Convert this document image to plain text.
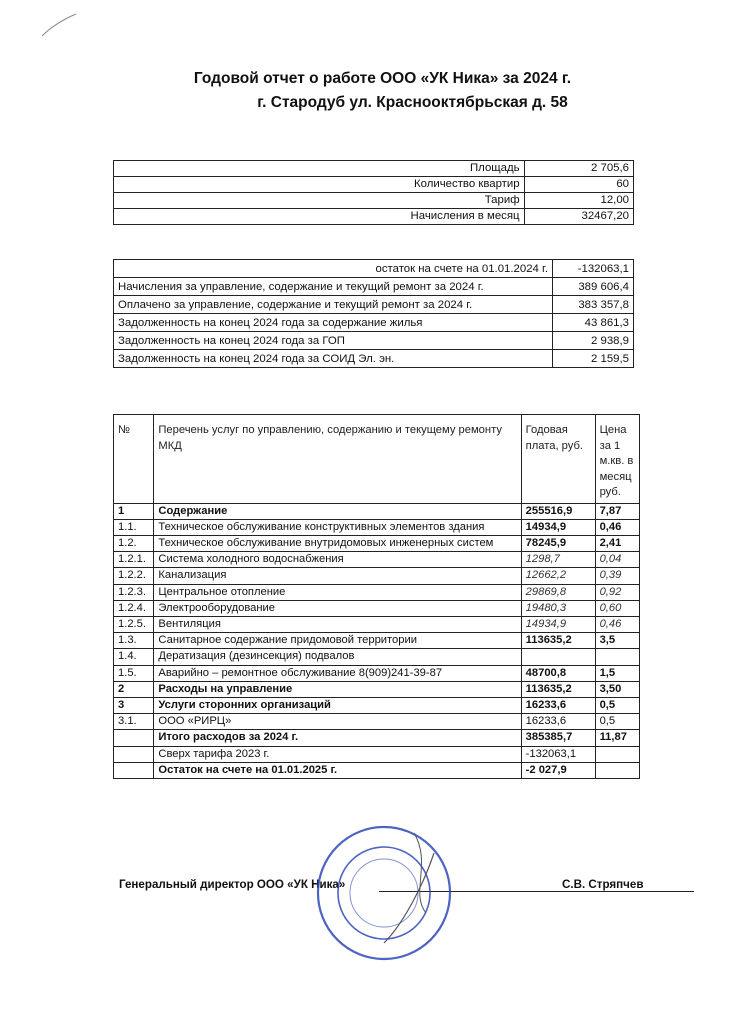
Годовой отчет о работе ООО «УК Ника» за 2024 г.
г. Стародуб ул. Краснооктябрьская д. 58
Площадь	2 705,6
Количество квартир	60
Тариф	12,00
Начисления в месяц	32467,20
остаток на счете на 01.01.2024 г.	-132063,1
Начисления за управление, содержание и текущий ремонт за 2024 г.	389 606,4
Оплачено за управление, содержание и текущий ремонт за 2024 г.	383 357,8
Задолженность на конец 2024 года за содержание жилья	43 861,3
Задолженность на конец 2024 года за ГОП	2 938,9
Задолженность на конец 2024 года за СОИД Эл. эн.	2 159,5
№	Перечень услуг по управлению, содержанию и текущему ремонту МКД	Годовая плата, руб.	Цена за 1 м.кв. в месяц руб.
1	Содержание	255516,9	7,87
1.1.	Техническое обслуживание конструктивных элементов здания	14934,9	0,46
1.2.	Техническое обслуживание внутридомовых инженерных систем	78245,9	2,41
1.2.1.	Система холодного водоснабжения	1298,7	0,04
1.2.2.	Канализация	12662,2	0,39
1.2.3.	Центральное отопление	29869,8	0,92
1.2.4.	Электрооборудование	19480,3	0,60
1.2.5.	Вентиляция	14934,9	0,46
1.3.	Санитарное содержание придомовой территории	113635,2	3,5
1.4.	Дератизация (дезинсекция) подвалов		
1.5.	Аварийно – ремонтное обслуживание 8(909)241-39-87	48700,8	1,5
2	Расходы на управление	113635,2	3,50
3	Услуги сторонних организаций	16233,6	0,5
3.1.	ООО «РИРЦ»	16233,6	0,5
	Итого расходов за 2024 г.	385385,7	11,87
	Сверх тарифа 2023 г.	-132063,1	
	Остаток на счете на 01.01.2025 г.	-2 027,9	
Генеральный директор ООО «УК Ника»	С.В. Стряпчев
